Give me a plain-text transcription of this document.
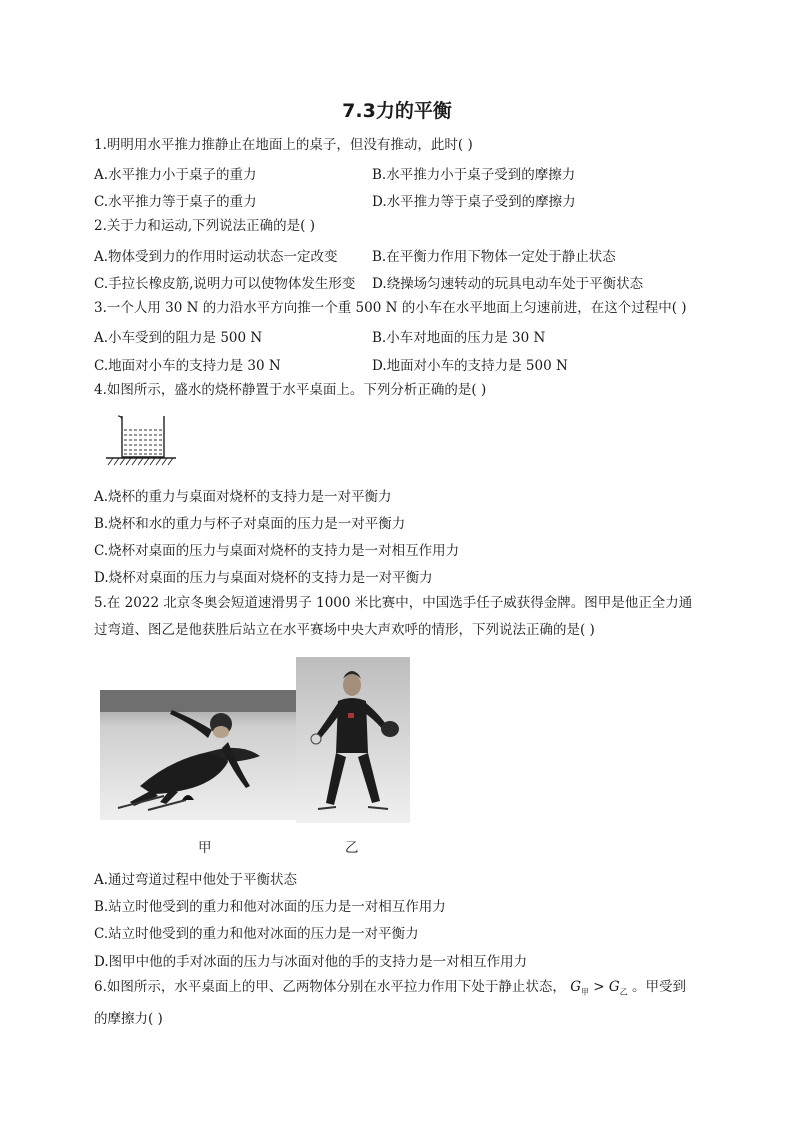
7.3力的平衡
1.明明用水平推力推静止在地面上的桌子，但没有推动，此时( )
A.水平推力小于桌子的重力	B.水平推力小于桌子受到的摩擦力
C.水平推力等于桌子的重力	D.水平推力等于桌子受到的摩擦力
2.关于力和运动,下列说法正确的是( )
A.物体受到力的作用时运动状态一定改变	B.在平衡力作用下物体一定处于静止状态
C.手拉长橡皮筋,说明力可以使物体发生形变 D.绕操场匀速转动的玩具电动车处于平衡状态
3.一个人用 30 N 的力沿水平方向推一个重 500 N 的小车在水平地面上匀速前进，在这个过程中( )
A.小车受到的阻力是 500 N	B.小车对地面的压力是 30 N
C.地面对小车的支持力是 30 N	D.地面对小车的支持力是 500 N
4.如图所示，盛水的烧杯静置于水平桌面上。下列分析正确的是( )
A.烧杯的重力与桌面对烧杯的支持力是一对平衡力
B.烧杯和水的重力与杯子对桌面的压力是一对平衡力
C.烧杯对桌面的压力与桌面对烧杯的支持力是一对相互作用力
D.烧杯对桌面的压力与桌面对烧杯的支持力是一对平衡力
5.在 2022 北京冬奥会短道速滑男子 1000 米比赛中，中国选手任子威获得金牌。图甲是他正全力通
过弯道、图乙是他获胜后站立在水平赛场中央大声欢呼的情形，下列说法正确的是( )
甲	乙
A.通过弯道过程中他处于平衡状态
B.站立时他受到的重力和他对冰面的压力是一对相互作用力
C.站立时他受到的重力和他对冰面的压力是一对平衡力
D.图甲中他的手对冰面的压力与冰面对他的手的支持力是一对相互作用力
6.如图所示，水平桌面上的甲、乙两物体分别在水平拉力作用下处于静止状态， $G_甲 > G_乙$ 。甲受到
的摩擦力( )
